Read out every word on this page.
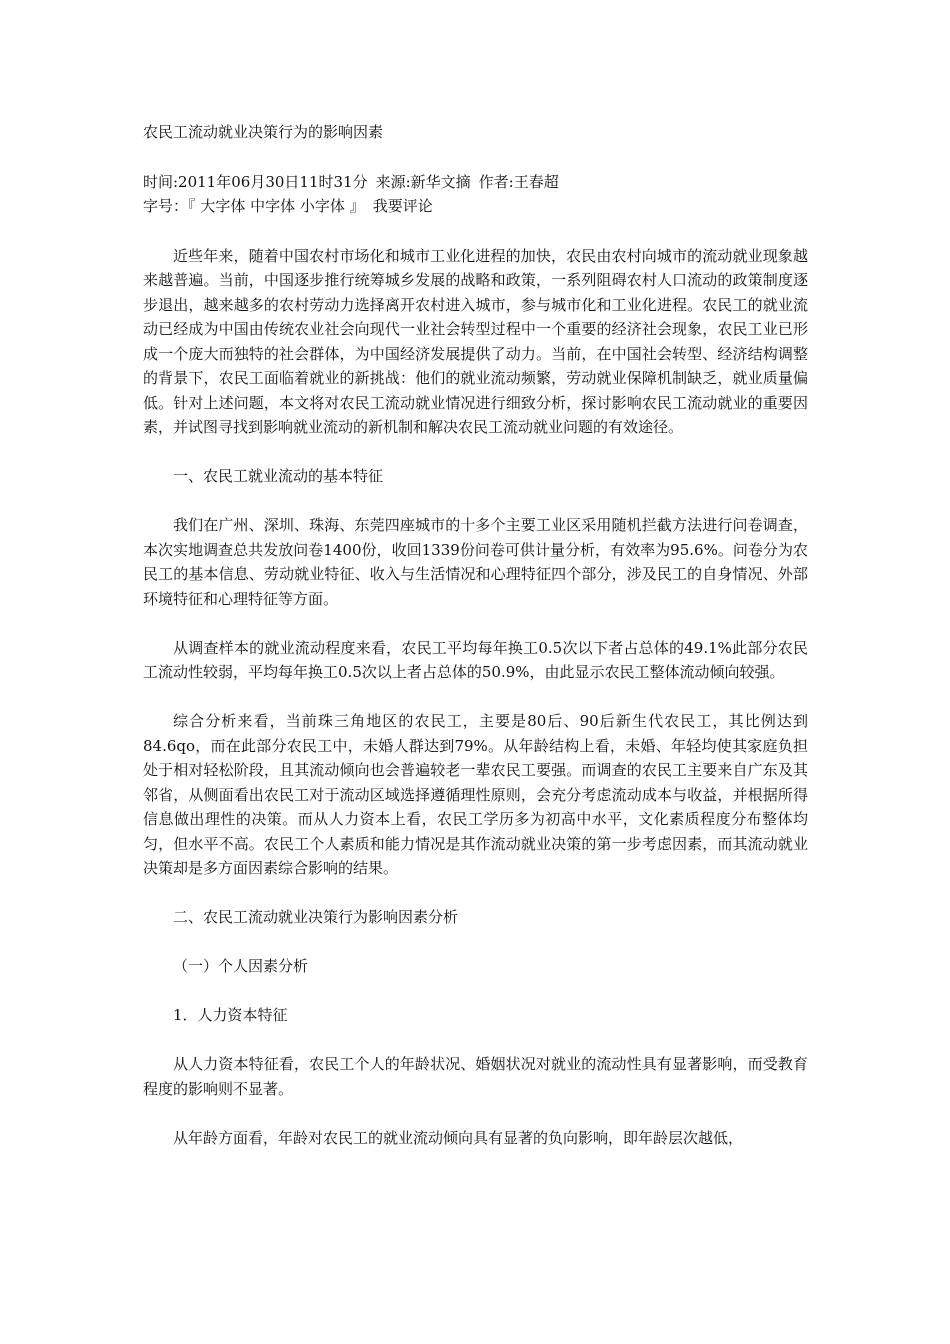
农民工流动就业决策行为的影响因素
时间:2011年06月30日11时31分 来源:新华文摘 作者:王春超
字号：『 大字体 中字体 小字体 』 我要评论

近些年来，随着中国农村市场化和城市工业化进程的加快，农民由农村向城市的流动就业现象越来越普遍。当前，中国逐步推行统筹城乡发展的战略和政策，一系列阻碍农村人口流动的政策制度逐步退出，越来越多的农村劳动力选择离开农村进入城市，参与城市化和工业化进程。农民工的就业流动已经成为中国由传统农业社会向现代一业社会转型过程中一个重要的经济社会现象，农民工业已形成一个庞大而独特的社会群体，为中国经济发展提供了动力。当前，在中国社会转型、经济结构调整的背景下，农民工面临着就业的新挑战：他们的就业流动频繁，劳动就业保障机制缺乏，就业质量偏低。针对上述问题，本文将对农民工流动就业情况进行细致分析，探讨影响农民工流动就业的重要因素，并试图寻找到影响就业流动的新机制和解决农民工流动就业问题的有效途径。

一、农民工就业流动的基本特征

我们在广州、深圳、珠海、东莞四座城市的十多个主要工业区采用随机拦截方法进行问卷调查，本次实地调查总共发放问卷1400份，收回1339份问卷可供计量分析，有效率为95.6%。问卷分为农民工的基本信息、劳动就业特征、收入与生活情况和心理特征四个部分，涉及民工的自身情况、外部环境特征和心理特征等方面。

从调查样本的就业流动程度来看，农民工平均每年换工0.5次以下者占总体的49.1%此部分农民工流动性较弱，平均每年换工0.5次以上者占总体的50.9%，由此显示农民工整体流动倾向较强。

综合分析来看，当前珠三角地区的农民工，主要是80后、90后新生代农民工，其比例达到84.6qo，而在此部分农民工中，未婚人群达到79%。从年龄结构上看，未婚、年轻均使其家庭负担处于相对轻松阶段，且其流动倾向也会普遍较老一辈农民工要强。而调查的农民工主要来自广东及其邻省，从侧面看出农民工对于流动区域选择遵循理性原则，会充分考虑流动成本与收益，并根据所得信息做出理性的决策。而从人力资本上看，农民工学历多为初高中水平，文化素质程度分布整体均匀，但水平不高。农民工个人素质和能力情况是其作流动就业决策的第一步考虑因素，而其流动就业决策却是多方面因素综合影响的结果。

二、农民工流动就业决策行为影响因素分析

（一）个人因素分析

1．人力资本特征

从人力资本特征看，农民工个人的年龄状况、婚姻状况对就业的流动性具有显著影响，而受教育程度的影响则不显著。

从年龄方面看，年龄对农民工的就业流动倾向具有显著的负向影响，即年龄层次越低，
